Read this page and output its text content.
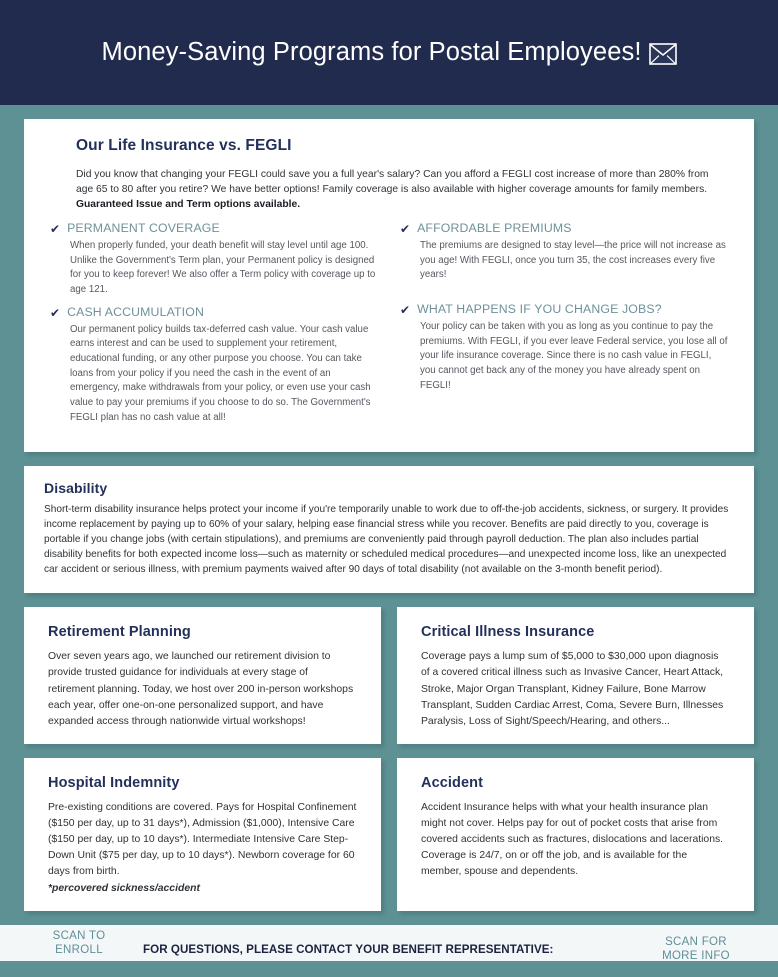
Money-Saving Programs for Postal Employees!
Our Life Insurance vs. FEGLI

Did you know that changing your FEGLI could save you a full year's salary? Can you afford a FEGLI cost increase of more than 280% from age 65 to 80 after you retire? We have better options! Family coverage is also available with higher coverage amounts for family members. Guaranteed Issue and Term options available.

✔ PERMANENT COVERAGE

When properly funded, your death benefit will stay level until age 100. Unlike the Government's Term plan, your Permanent policy is designed for you to keep forever! We also offer a Term policy with coverage up to age 121.

✔ CASH ACCUMULATION

Our permanent policy builds tax-deferred cash value. Your cash value earns interest and can be used to supplement your retirement, educational funding, or any other purpose you choose. You can take loans from your policy if you need the cash in the event of an emergency, make withdrawals from your policy, or even use your cash value to pay your premiums if you choose to do so. The Government's FEGLI plan has no cash value at all!

✔ AFFORDABLE PREMIUMS

The premiums are designed to stay level—the price will not increase as you age! With FEGLI, once you turn 35, the cost increases every five years!

✔ WHAT HAPPENS IF YOU CHANGE JOBS?

Your policy can be taken with you as long as you continue to pay the premiums. With FEGLI, if you ever leave Federal service, you lose all of your life insurance coverage. Since there is no cash value in FEGLI, you cannot get back any of the money you have already spent on FEGLI!

Disability

Short-term disability insurance helps protect your income if you're temporarily unable to work due to off-the-job accidents, sickness, or surgery. It provides income replacement by paying up to 60% of your salary, helping ease financial stress while you recover. Benefits are paid directly to you, coverage is portable if you change jobs (with certain stipulations), and premiums are conveniently paid through payroll deduction. The plan also includes partial disability benefits for both expected income loss—such as maternity or scheduled medical procedures—and unexpected income loss, like an unexpected car accident or serious illness, with premium payments waived after 90 days of total disability (not available on the 3-month benefit period).

Retirement Planning

Over seven years ago, we launched our retirement division to provide trusted guidance for individuals at every stage of retirement planning. Today, we host over 200 in-person workshops each year, offer one-on-one personalized support, and have expanded access through nationwide virtual workshops!

Critical Illness Insurance

Coverage pays a lump sum of $5,000 to $30,000 upon diagnosis of a covered critical illness such as Invasive Cancer, Heart Attack, Stroke, Major Organ Transplant, Kidney Failure, Bone Marrow Transplant, Sudden Cardiac Arrest, Coma, Severe Burn, Illnesses Paralysis, Loss of Sight/Speech/Hearing, and others...

Hospital Indemnity

Pre-existing conditions are covered. Pays for Hospital Confinement ($150 per day, up to 31 days*), Admission ($1,000), Intensive Care ($150 per day, up to 10 days*). Intermediate Intensive Care Step-Down Unit ($75 per day, up to 10 days*). Newborn coverage for 60 days from birth.

*percovered sickness/accident

Accident

Accident Insurance helps with what your health insurance plan might not cover. Helps pay for out of pocket costs that arise from covered accidents such as fractures, dislocations and lacerations. Coverage is 24/7, on or off the job, and is available for the member, spouse and dependents.

SCAN TO ENROLL	FOR QUESTIONS, PLEASE CONTACT YOUR BENEFIT REPRESENTATIVE:
SCAN FOR MORE INFO
